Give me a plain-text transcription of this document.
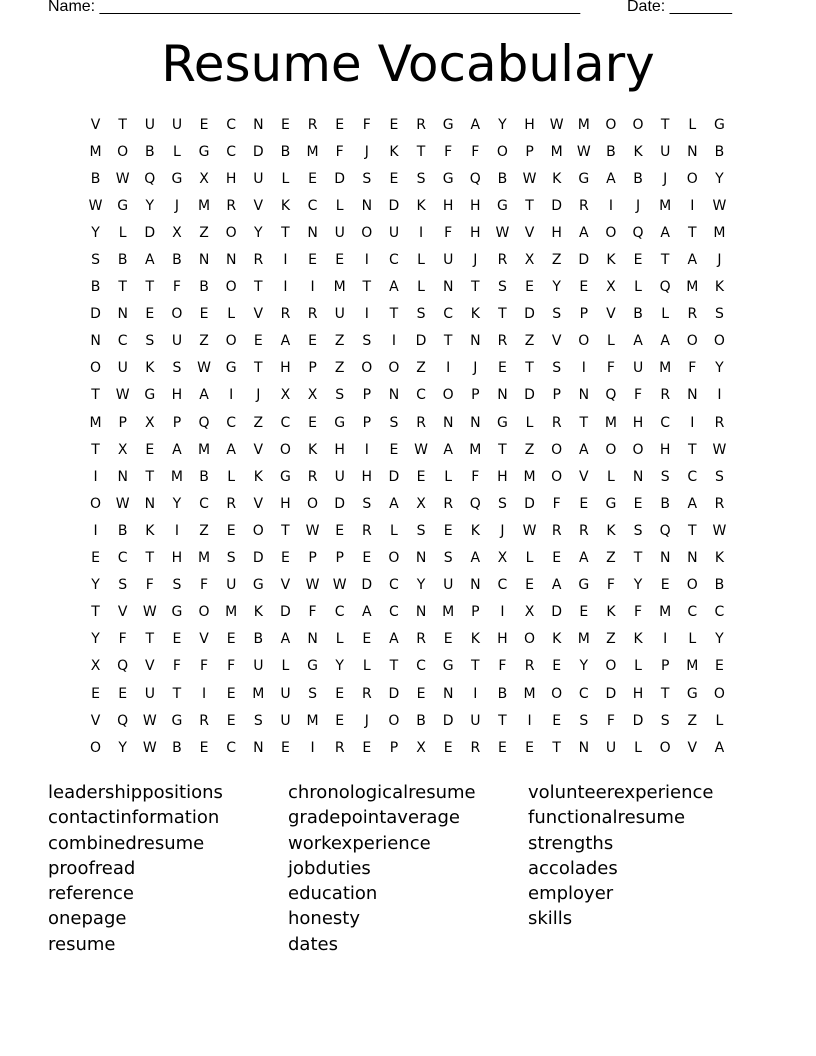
Name: ______________________________________________________	Date: _______
Resume Vocabulary
V	T	U	U	E	C	N	E	R	E	F	E	R	G	A	Y	H	W	M	O	O	T	L	G
M	O	B	L	G	C	D	B	M	F	J	K	T	F	F	O	P	M	W	B	K	U	N	B
B	W	Q	G	X	H	U	L	E	D	S	E	S	G	Q	B	W	K	G	A	B	J	O	Y
W	G	Y	J	M	R	V	K	C	L	N	D	K	H	H	G	T	D	R	I	J	M	I	W
Y	L	D	X	Z	O	Y	T	N	U	O	U	I	F	H	W	V	H	A	O	Q	A	T	M
S	B	A	B	N	N	R	I	E	E	I	C	L	U	J	R	X	Z	D	K	E	T	A	J
B	T	T	F	B	O	T	I	I	M	T	A	L	N	T	S	E	Y	E	X	L	Q	M	K
D	N	E	O	E	L	V	R	R	U	I	T	S	C	K	T	D	S	P	V	B	L	R	S
N	C	S	U	Z	O	E	A	E	Z	S	I	D	T	N	R	Z	V	O	L	A	A	O	O
O	U	K	S	W	G	T	H	P	Z	O	O	Z	I	J	E	T	S	I	F	U	M	F	Y
T	W	G	H	A	I	J	X	X	S	P	N	C	O	P	N	D	P	N	Q	F	R	N	I
M	P	X	P	Q	C	Z	C	E	G	P	S	R	N	N	G	L	R	T	M	H	C	I	R
T	X	E	A	M	A	V	O	K	H	I	E	W	A	M	T	Z	O	A	O	O	H	T	W
I	N	T	M	B	L	K	G	R	U	H	D	E	L	F	H	M	O	V	L	N	S	C	S
O	W	N	Y	C	R	V	H	O	D	S	A	X	R	Q	S	D	F	E	G	E	B	A	R
I	B	K	I	Z	E	O	T	W	E	R	L	S	E	K	J	W	R	R	K	S	Q	T	W
E	C	T	H	M	S	D	E	P	P	E	O	N	S	A	X	L	E	A	Z	T	N	N	K
Y	S	F	S	F	U	G	V	W W	D	C	Y	U	N	C	E	A	G	F	Y	E	O	B
T	V	W	G	O	M	K	D	F	C	A	C	N	M	P	I	X	D	E	K	F	M	C	C
Y	F	T	E	V	E	B	A	N	L	E	A	R	E	K	H	O	K	M	Z	K	I	L	Y
X	Q	V	F	F	F	U	L	G	Y	L	T	C	G	T	F	R	E	Y	O	L	P	M	E
E	E	U	T	I	E	M	U	S	E	R	D	E	N	I	B	M	O	C	D	H	T	G	O
V	Q	W	G	R	E	S	U	M	E	J	O	B	D	U	T	I	E	S	F	D	S	Z	L
O	Y	W	B	E	C	N	E	I	R	E	P	X	E	R	E	E	T	N	U	L	O	V	A
leadershippositions
contactinformation
combinedresume
proofread
reference
onepage
resume
chronologicalresume
gradepointaverage
workexperience
jobduties
education
honesty
dates
volunteerexperience
functionalresume
strengths
accolades
employer
skills
